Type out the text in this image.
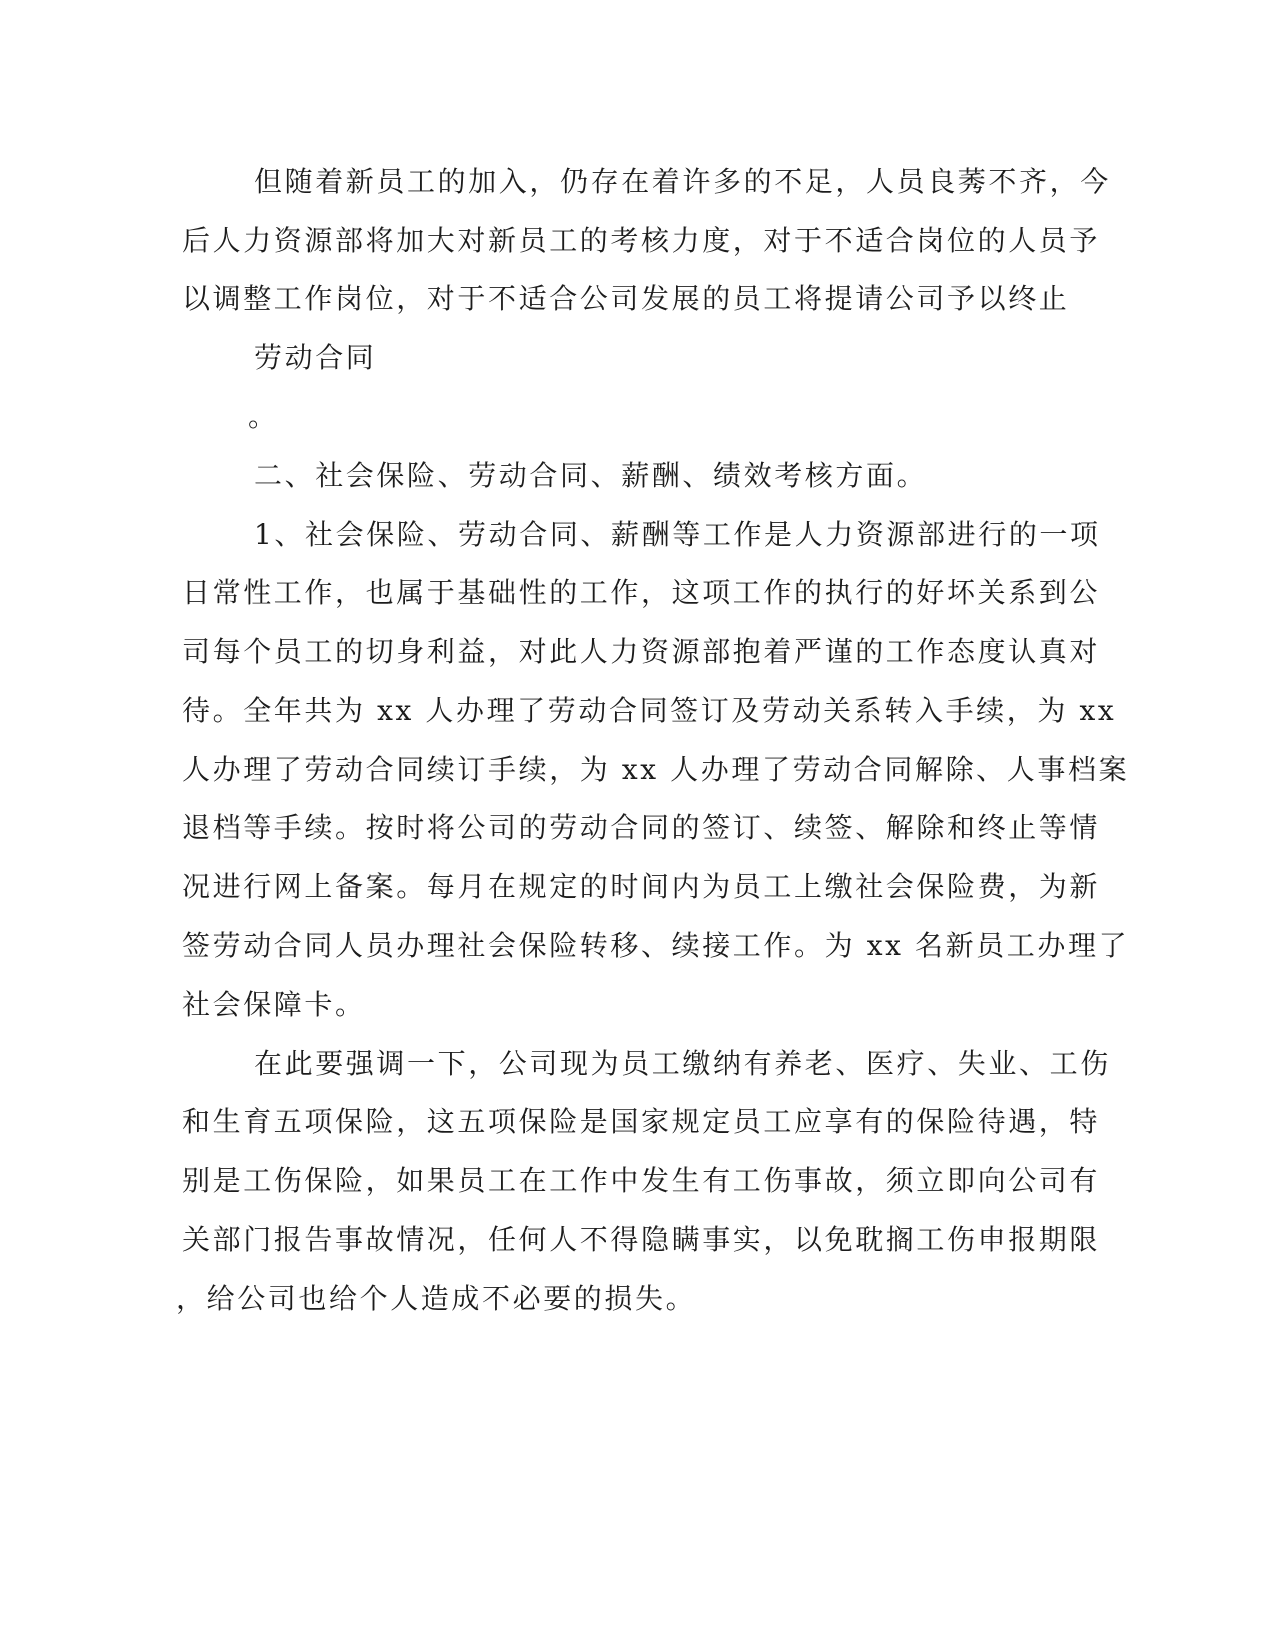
但随着新员工的加入，仍存在着许多的不足，人员良莠不齐，今

后人力资源部将加大对新员工的考核力度，对于不适合岗位的人员予

以调整工作岗位，对于不适合公司发展的员工将提请公司予以终止

劳动合同

。

二、社会保险、劳动合同、薪酬、绩效考核方面。

1、社会保险、劳动合同、薪酬等工作是人力资源部进行的一项

日常性工作，也属于基础性的工作，这项工作的执行的好坏关系到公

司每个员工的切身利益，对此人力资源部抱着严谨的工作态度认真对

待。全年共为 xx 人办理了劳动合同签订及劳动关系转入手续，为 xx

人办理了劳动合同续订手续，为 xx 人办理了劳动合同解除、人事档案

退档等手续。按时将公司的劳动合同的签订、续签、解除和终止等情

况进行网上备案。每月在规定的时间内为员工上缴社会保险费，为新

签劳动合同人员办理社会保险转移、续接工作。为 xx 名新员工办理了

社会保障卡。

在此要强调一下，公司现为员工缴纳有养老、医疗、失业、工伤

和生育五项保险，这五项保险是国家规定员工应享有的保险待遇，特

别是工伤保险，如果员工在工作中发生有工伤事故，须立即向公司有

关部门报告事故情况，任何人不得隐瞒事实，以免耽搁工伤申报期限

，给公司也给个人造成不必要的损失。
